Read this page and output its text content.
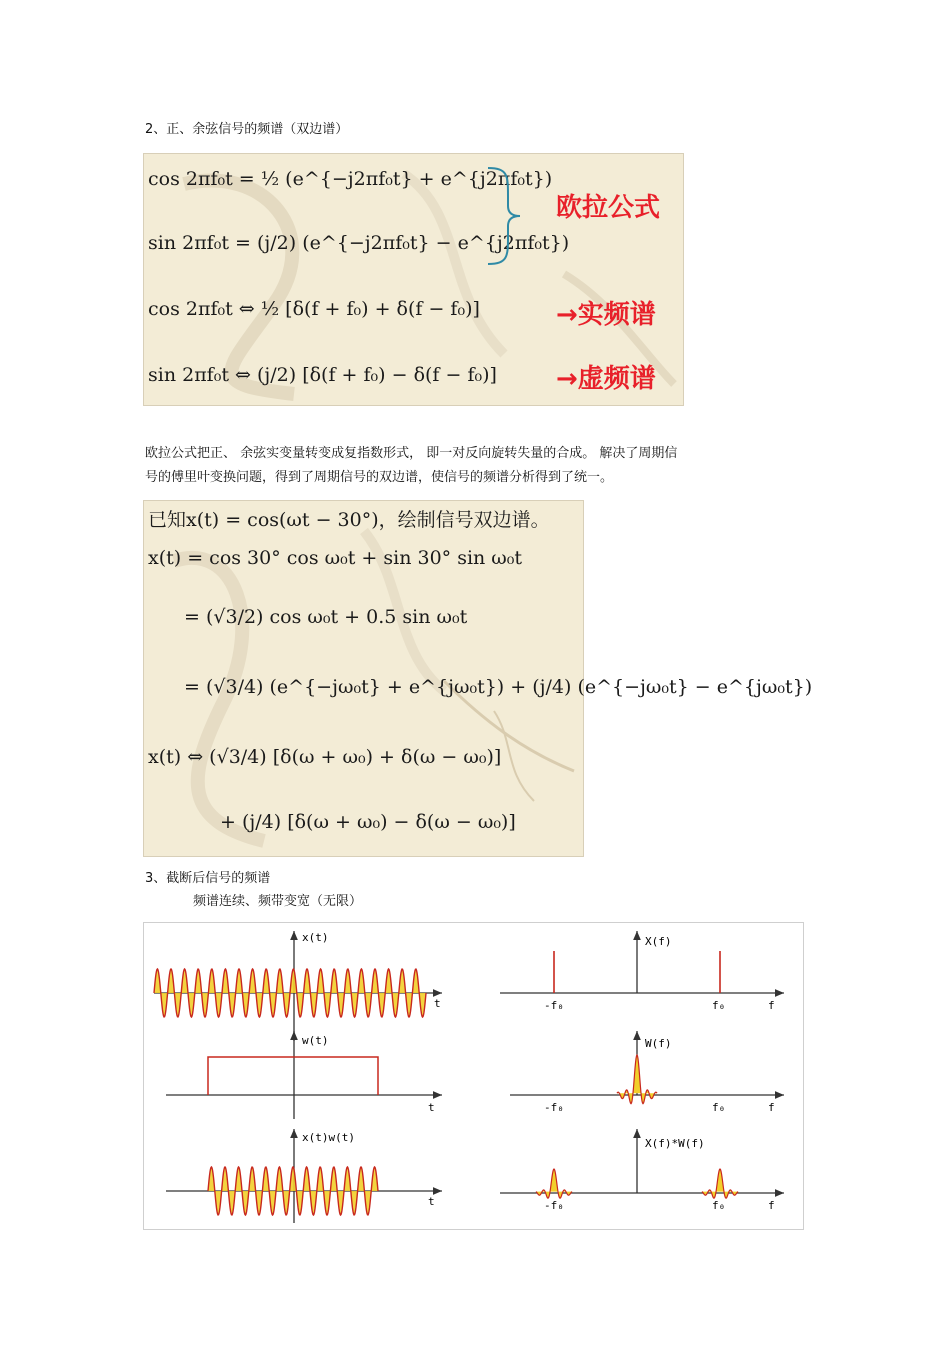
2、正、余弦信号的频谱（双边谱）
cos 2πf₀t = ½ (e^{−j2πf₀t} + e^{j2πf₀t})
sin 2πf₀t = (j/2) (e^{−j2πf₀t} − e^{j2πf₀t})
cos 2πf₀t ⇔ ½ [δ(f + f₀) + δ(f − f₀)]
sin 2πf₀t ⇔ (j/2) [δ(f + f₀) − δ(f − f₀)]
欧拉公式
→实频谱
→虚频谱
欧拉公式把正、 余弦实变量转变成复指数形式， 即一对反向旋转失量的合成。 解决了周期信
号的傅里叶变换问题，得到了周期信号的双边谱，使信号的频谱分析得到了统一。
已知x(t) = cos(ωt − 30°)，绘制信号双边谱。
x(t) = cos 30° cos ω₀t + sin 30° sin ω₀t
= (√3/2) cos ω₀t + 0.5 sin ω₀t
= (√3/4) (e^{−jω₀t} + e^{jω₀t}) + (j/4) (e^{−jω₀t} − e^{jω₀t})
x(t) ⇔ (√3/4) [δ(ω + ω₀) + δ(ω − ω₀)]
+ (j/4) [δ(ω + ω₀) − δ(ω − ω₀)]
3、截断后信号的频谱
频谱连续、频带变宽（无限）
x(t)
t
w(t)
t
x(t)w(t)
t
X(f)
-f₀	f₀	f
W(f)
-f₀	f₀	f
X(f)*W(f)
-f₀	f₀	f
